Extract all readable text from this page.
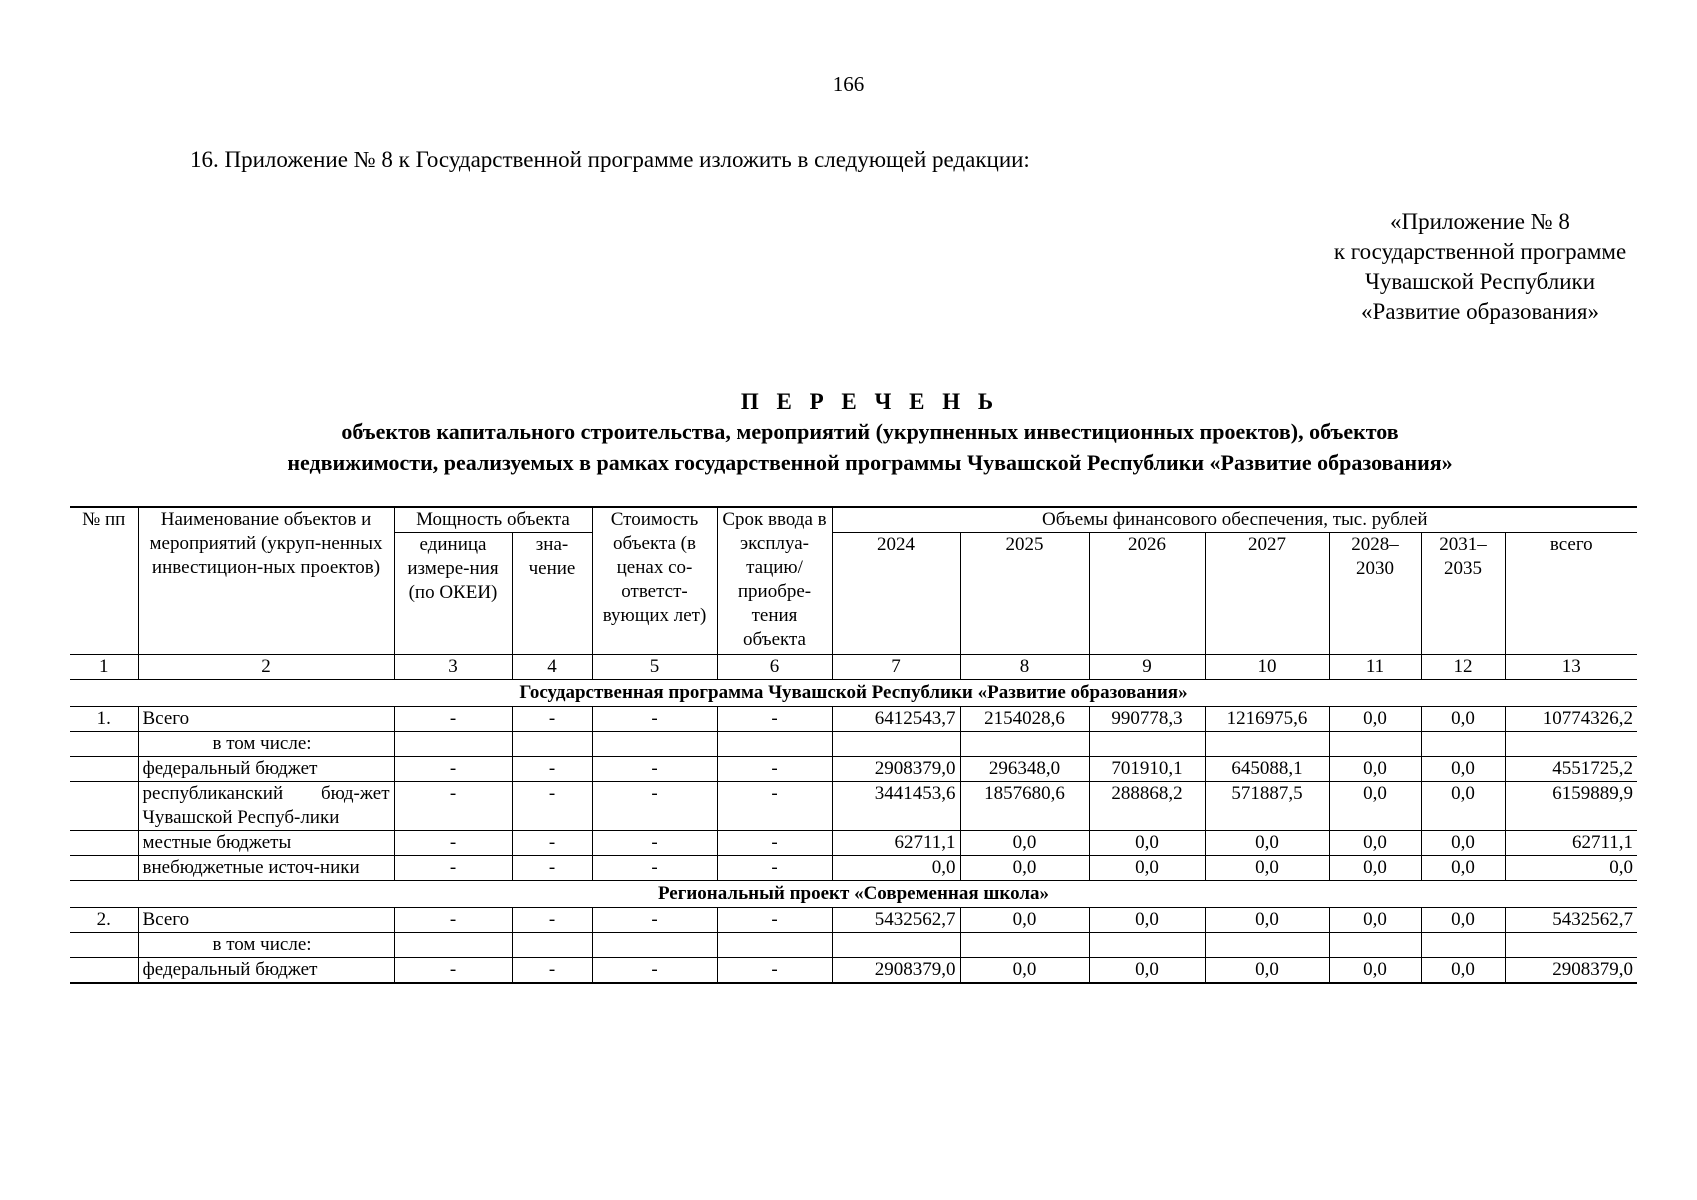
166
16. Приложение № 8 к Государственной программе изложить в следующей редакции:
«Приложение № 8
к государственной программе
Чувашской Республики
«Развитие образования»
П Е Р Е Ч Е Н Ь
объектов капитального строительства, мероприятий (укрупненных инвестиционных проектов), объектов
недвижимости, реализуемых в рамках государственной программы Чувашской Республики «Развитие образования»
№ пп	Наименование объектов и мероприятий (укруп-ненных инвестицион-ных проектов)	Мощность объекта		Стоимость объекта (в ценах со-ответст-вующих лет)	Срок ввода в эксплуа-тацию/ приобре-тения объекта	Объемы финансового обеспечения, тыс. рублей						
		единица измере-ния (по ОКЕИ)	зна-чение			2024	2025	2026	2027	2028–2030	2031–2035	всего
1	2	3	4	5	6	7	8	9	10	11	12	13
Государственная программа Чувашской Республики «Развитие образования»												
1.	Всего	-	-	-	-	6412543,7	2154028,6	990778,3	1216975,6	0,0	0,0	10774326,2
	в том числе:											
	федеральный бюджет	-	-	-	-	2908379,0	296348,0	701910,1	645088,1	0,0	0,0	4551725,2
	республиканский бюд-жет Чувашской Респуб-лики	-	-	-	-	3441453,6	1857680,6	288868,2	571887,5	0,0	0,0	6159889,9
	местные бюджеты	-	-	-	-	62711,1	0,0	0,0	0,0	0,0	0,0	62711,1
	внебюджетные источ-ники	-	-	-	-	0,0	0,0	0,0	0,0	0,0	0,0	0,0
Региональный проект «Современная школа»												
2.	Всего	-	-	-	-	5432562,7	0,0	0,0	0,0	0,0	0,0	5432562,7
	в том числе:											
	федеральный бюджет	-	-	-	-	2908379,0	0,0	0,0	0,0	0,0	0,0	2908379,0
